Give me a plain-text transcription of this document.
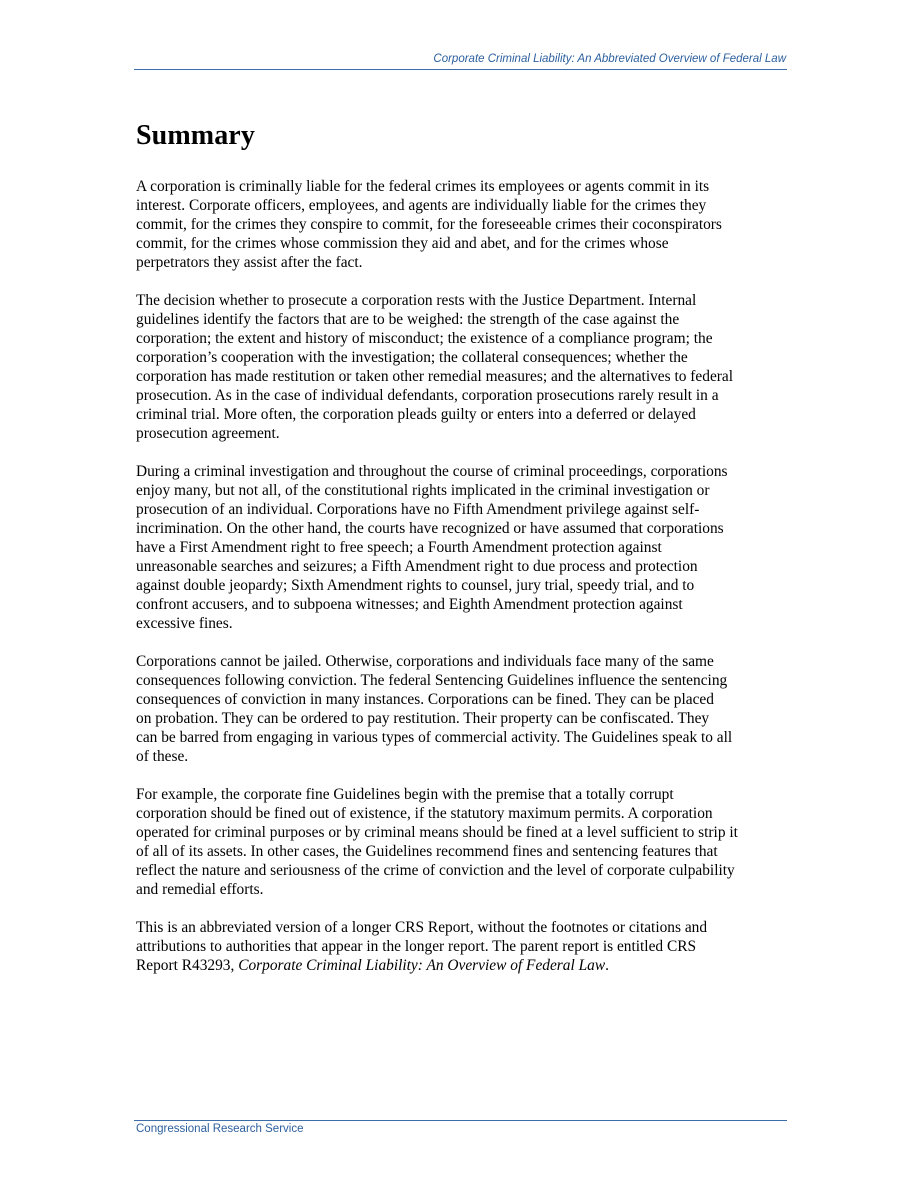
Corporate Criminal Liability: An Abbreviated Overview of Federal Law
Summary

A corporation is criminally liable for the federal crimes its employees or agents commit in its
interest. Corporate officers, employees, and agents are individually liable for the crimes they
commit, for the crimes they conspire to commit, for the foreseeable crimes their coconspirators
commit, for the crimes whose commission they aid and abet, and for the crimes whose
perpetrators they assist after the fact.

The decision whether to prosecute a corporation rests with the Justice Department. Internal
guidelines identify the factors that are to be weighed: the strength of the case against the
corporation; the extent and history of misconduct; the existence of a compliance program; the
corporation’s cooperation with the investigation; the collateral consequences; whether the
corporation has made restitution or taken other remedial measures; and the alternatives to federal
prosecution. As in the case of individual defendants, corporation prosecutions rarely result in a
criminal trial. More often, the corporation pleads guilty or enters into a deferred or delayed
prosecution agreement.

During a criminal investigation and throughout the course of criminal proceedings, corporations
enjoy many, but not all, of the constitutional rights implicated in the criminal investigation or
prosecution of an individual. Corporations have no Fifth Amendment privilege against self-
incrimination. On the other hand, the courts have recognized or have assumed that corporations
have a First Amendment right to free speech; a Fourth Amendment protection against
unreasonable searches and seizures; a Fifth Amendment right to due process and protection
against double jeopardy; Sixth Amendment rights to counsel, jury trial, speedy trial, and to
confront accusers, and to subpoena witnesses; and Eighth Amendment protection against
excessive fines.

Corporations cannot be jailed. Otherwise, corporations and individuals face many of the same
consequences following conviction. The federal Sentencing Guidelines influence the sentencing
consequences of conviction in many instances. Corporations can be fined. They can be placed
on probation. They can be ordered to pay restitution. Their property can be confiscated. They
can be barred from engaging in various types of commercial activity. The Guidelines speak to all
of these.

For example, the corporate fine Guidelines begin with the premise that a totally corrupt
corporation should be fined out of existence, if the statutory maximum permits. A corporation
operated for criminal purposes or by criminal means should be fined at a level sufficient to strip it
of all of its assets. In other cases, the Guidelines recommend fines and sentencing features that
reflect the nature and seriousness of the crime of conviction and the level of corporate culpability
and remedial efforts.

This is an abbreviated version of a longer CRS Report, without the footnotes or citations and
attributions to authorities that appear in the longer report. The parent report is entitled CRS
Report R43293, Corporate Criminal Liability: An Overview of Federal Law.

Congressional Research Service
